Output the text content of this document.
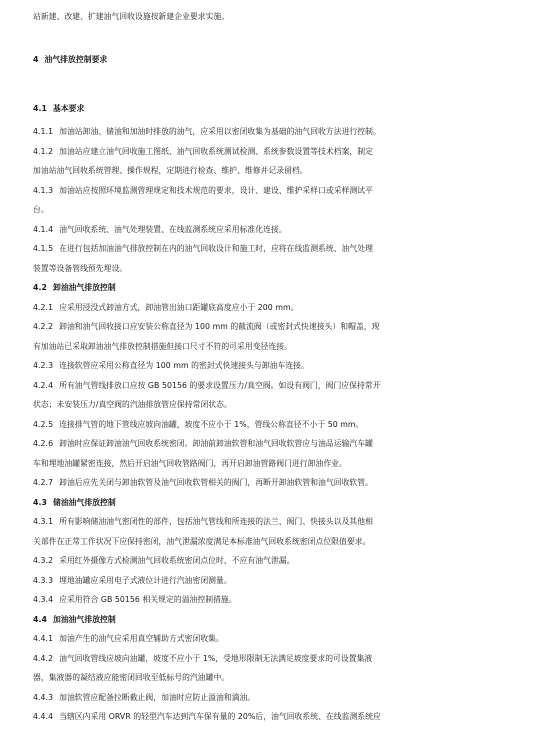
站新建、改建、扩建油气回收设施按新建企业要求实施。
4 油气排放控制要求
4.1 基本要求
4.1.1 加油站卸油、储油和加油时排放的油气，应采用以密闭收集为基础的油气回收方法进行控制。
4.1.2 加油站应建立油气回收施工图纸、油气回收系统测试检测、系统参数设置等技术档案，制定
加油站油气回收系统管理、操作规程，定期进行检查、维护、维修并记录留档。
4.1.3 加油站应按照环境监测管理规定和技术规范的要求，设计、建设、维护采样口或采样测试平
台。
4.1.4 油气回收系统、油气处理装置、在线监测系统应采用标准化连接。
4.1.5 在进行包括加油油气排放控制在内的油气回收设计和施工时，应将在线监测系统、油气处理
装置等设备管线预先埋设。
4.2 卸油油气排放控制
4.2.1 应采用浸没式卸油方式，卸油管出油口距罐底高度应小于 200 mm。
4.2.2 卸油和油气回收接口应安装公称直径为 100 mm 的截流阀（或密封式快速接头）和帽盖，现
有加油站已采取卸油油气排放控制措施但接口尺寸不符的可采用变径连接。
4.2.3 连接软管应采用公称直径为 100 mm 的密封式快速接头与卸油车连接。
4.2.4 所有油气管线排放口应按 GB 50156 的要求设置压力/真空阀。如设有阀门，阀门应保持常开
状态；未安装压力/真空阀的汽油排放管应保持常闭状态。
4.2.5 连接排气管的地下管线应坡向油罐，坡度不应小于 1%，管线公称直径不小于 50 mm。
4.2.6 卸油时应保证卸油油气回收系统密闭。卸油前卸油软管和油气回收软管应与油品运输汽车罐
车和埋地油罐紧密连接，然后开启油气回收管路阀门，再开启卸油管路阀门进行卸油作业。
4.2.7 卸油后应先关闭与卸油软管及油气回收软管相关的阀门，再断开卸油软管和油气回收软管。
4.3 储油油气排放控制
4.3.1 所有影响储油油气密闭性的部件，包括油气管线和所连接的法兰、阀门、快接头以及其他相
关部件在正常工作状况下应保持密闭，油气泄漏浓度满足本标准油气回收系统密闭点位限值要求。
4.3.2 采用红外摄像方式检测油气回收系统密闭点位时，不应有油气泄漏。
4.3.3 埋地油罐应采用电子式液位计进行汽油密闭测量。
4.3.4 应采用符合 GB 50156 相关规定的溢油控制措施。
4.4 加油油气排放控制
4.4.1 加油产生的油气应采用真空辅助方式密闭收集。
4.4.2 油气回收管线应坡向油罐，坡度不应小于 1%，受地形限制无法满足坡度要求的可设置集液
器，集液器的凝结液应能密闭回收至低标号的汽油罐中。
4.4.3 加油软管应配备拉断截止阀，加油时应防止溢油和滴油。
4.4.4 当辖区内采用 ORVR 的轻型汽车达到汽车保有量的 20%后，油气回收系统、在线监测系统应
